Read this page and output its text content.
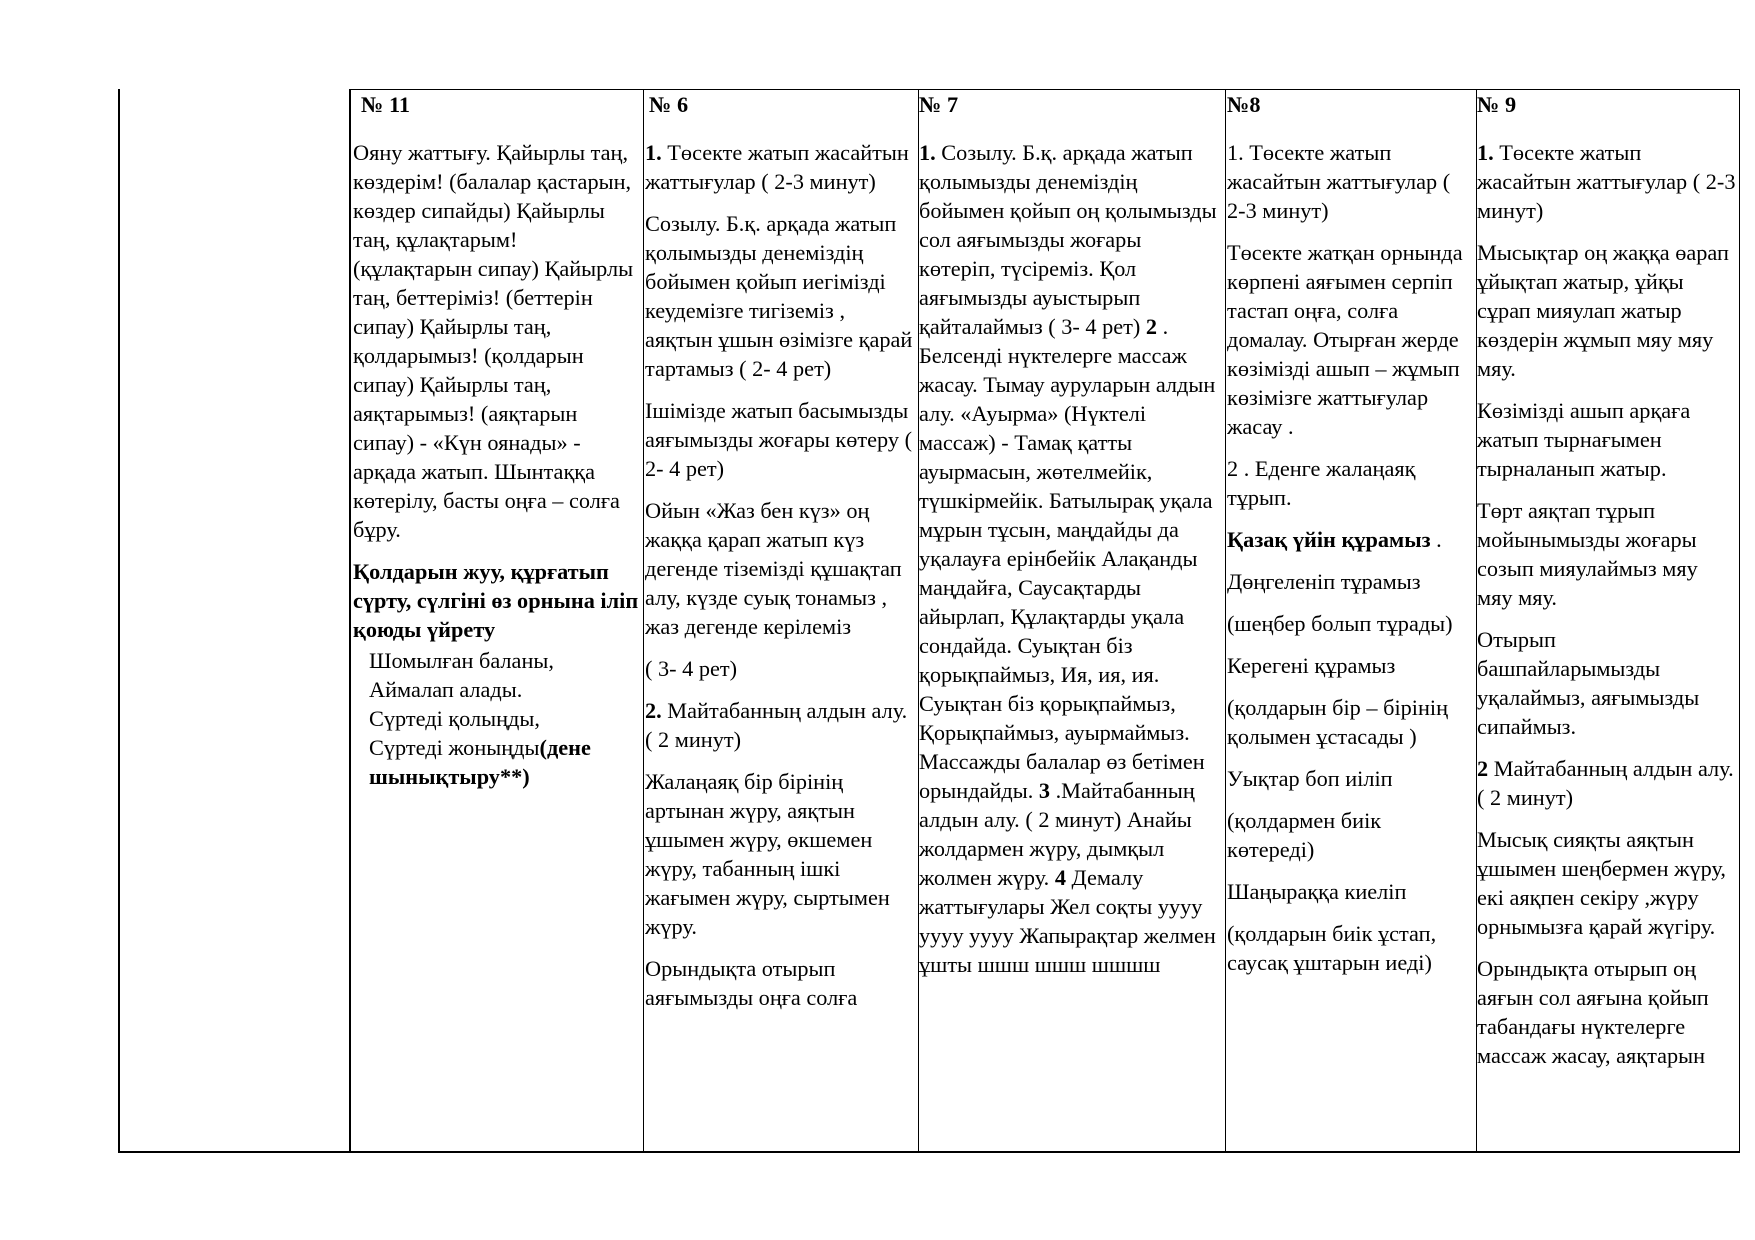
№ 11

Ояну жаттығу. Қайырлы таң, көздерім! (балалар қастарын, көздер сипайды) Қайырлы таң, құлақтарым! (құлақтарын сипау) Қайырлы таң, беттеріміз! (беттерін сипау) Қайырлы таң, қолдарымыз! (қолдарын сипау) Қайырлы таң, аяқтарымыз! (аяқтарын сипау) - «Күн оянады» - арқада жатып. Шынтаққа көтерілу, басты оңға – солға бұру.

Қолдарын жуу, құрғатып сүрту, сүлгіні өз орнына іліп қоюды үйрету

Шомылған баланы,

Аймалап алады.

Сүртеді қолыңды,

Сүртеді жоныңды(дене шынықтыру**)

№ 6

1. Төсекте жатып жасайтын жаттығулар ( 2-3 минут)

Созылу. Б.қ. арқада жатып қолымызды денеміздің бойымен қойып иегімізді кеудемізге тигіземіз , аяқтын ұшын өзімізге қарай тартамыз ( 2- 4 рет)

Ішімізде жатып басымызды аяғымызды жоғары көтеру ( 2- 4 рет)

Ойын «Жаз бен күз» оң жаққа қарап жатып күз дегенде тіземізді құшақтап алу, күзде суық тонамыз , жаз дегенде керілеміз

( 3- 4 рет)

2. Майтабанның алдын алу. ( 2 минут)

Жалаңаяқ бір бірінің артынан жүру, аяқтын ұшымен жүру, өкшемен жүру, табанның ішкі жағымен жүру, сыртымен жүру.

Орындықта отырып аяғымызды оңға солға

№ 7

1. Созылу. Б.қ. арқада жатып қолымызды денеміздің бойымен қойып оң қолымызды сол аяғымызды жоғары көтеріп, түсіреміз. Қол аяғымызды ауыстырып қайталаймыз ( 3- 4 рет) 2 . Белсенді нүктелерге массаж жасау. Тымау ауруларын алдын алу. «Ауырма» (Нүктелі массаж) - Тамақ қатты ауырмасын, жөтелмейік, түшкірмейік. Батылырақ уқала мұрын тұсын, маңдайды да уқалауға ерінбейік Алақанды маңдайға, Саусақтарды айырлап, Құлақтарды уқала сондайда. Суықтан біз қорықпаймыз, Ия, ия, ия. Суықтан біз қорықпаймыз, Қорықпаймыз, ауырмаймыз. Массажды балалар өз бетімен орындайды. 3 .Майтабанның алдын алу. ( 2 минут) Анайы жолдармен жүру, дымқыл жолмен жүру. 4 Демалу жаттығулары Жел соқты уууу уууу уууу Жапырақтар желмен ұшты шшш шшш шшшш

№8

1. Төсекте жатып жасайтын жаттығулар ( 2-3 минут)

Төсекте жатқан орнында көрпені аяғымен серпіп тастап оңға, солға домалау. Отырған жерде көзімізді ашып – жұмып көзімізге жаттығулар жасау .

2 . Еденге жалаңаяқ тұрып.

Қазақ үйін құрамыз .

Дөңгеленіп тұрамыз

(шеңбер болып тұрады)

Керегені құрамыз

(қолдарын бір – бірінің қолымен ұстасады )

Уықтар боп иіліп

(қолдармен биік көтереді)

Шаңыраққа киеліп

(қолдарын биік ұстап, саусақ ұштарын иеді)

№ 9

1. Төсекте жатып жасайтын жаттығулар ( 2-3 минут)

Мысықтар оң жаққа өарап ұйықтап жатыр, ұйқы сұрап мияулап жатыр көздерін жұмып мяу мяу мяу.

Көзімізді ашып арқаға жатып тырнағымен тырналанып жатыр.

Төрт аяқтап тұрып мойынымызды жоғары созып мияулаймыз мяу мяу мяу.

Отырып башпайларымызды уқалаймыз, аяғымызды сипаймыз.

2 Майтабанның алдын алу. ( 2 минут)

Мысық сияқты аяқтын ұшымен шеңбермен жүру, екі аяқпен секіру ,жүру орнымызға қарай жүгіру.

Орындықта отырып оң аяғын сол аяғына қойып табандағы нүктелерге массаж жасау, аяқтарын
